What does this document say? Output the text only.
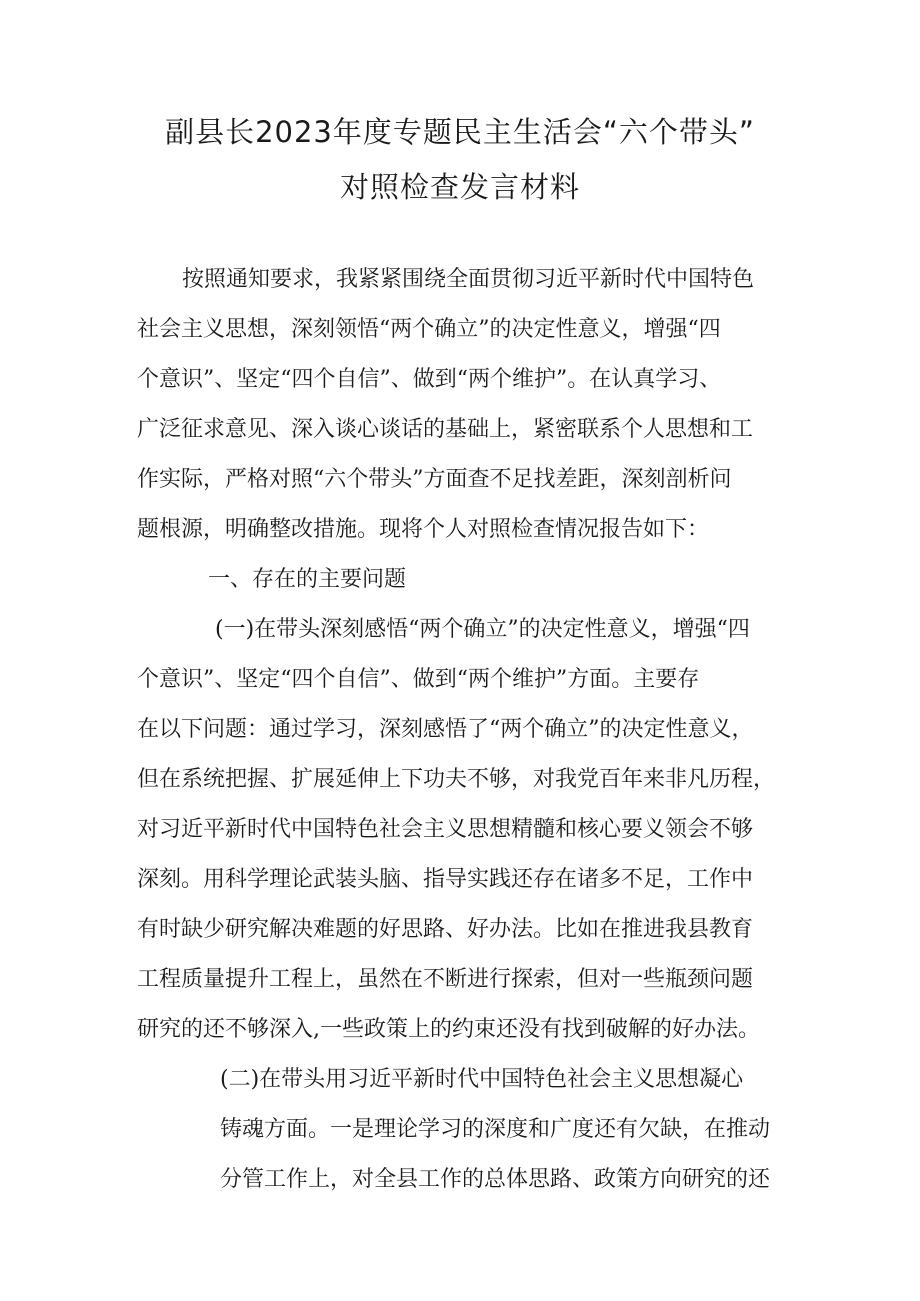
副县长2023年度专题民主生活会“六个带头”
对照检查发言材料
按照通知要求，我紧紧围绕全面贯彻习近平新时代中国特色
社会主义思想，深刻领悟“两个确立”的决定性意义，增强“四
个意识”、坚定“四个自信”、做到“两个维护”。在认真学习、
广泛征求意见、深入谈心谈话的基础上，紧密联系个人思想和工
作实际，严格对照“六个带头”方面查不足找差距，深刻剖析问
题根源，明确整改措施。现将个人对照检查情况报告如下：
一、存在的主要问题
(一)在带头深刻感悟“两个确立”的决定性意义，增强“四
个意识”、坚定“四个自信”、做到“两个维护”方面。主要存
在以下问题：通过学习，深刻感悟了“两个确立”的决定性意义，
但在系统把握、扩展延伸上下功夫不够，对我党百年来非凡历程，
对习近平新时代中国特色社会主义思想精髓和核心要义领会不够
深刻。用科学理论武装头脑、指导实践还存在诸多不足，工作中
有时缺少研究解决难题的好思路、好办法。比如在推进我县教育
工程质量提升工程上，虽然在不断进行探索，但对一些瓶颈问题
研究的还不够深入,一些政策上的约束还没有找到破解的好办法。
(二)在带头用习近平新时代中国特色社会主义思想凝心
铸魂方面。一是理论学习的深度和广度还有欠缺，在推动
分管工作上，对全县工作的总体思路、政策方向研究的还
